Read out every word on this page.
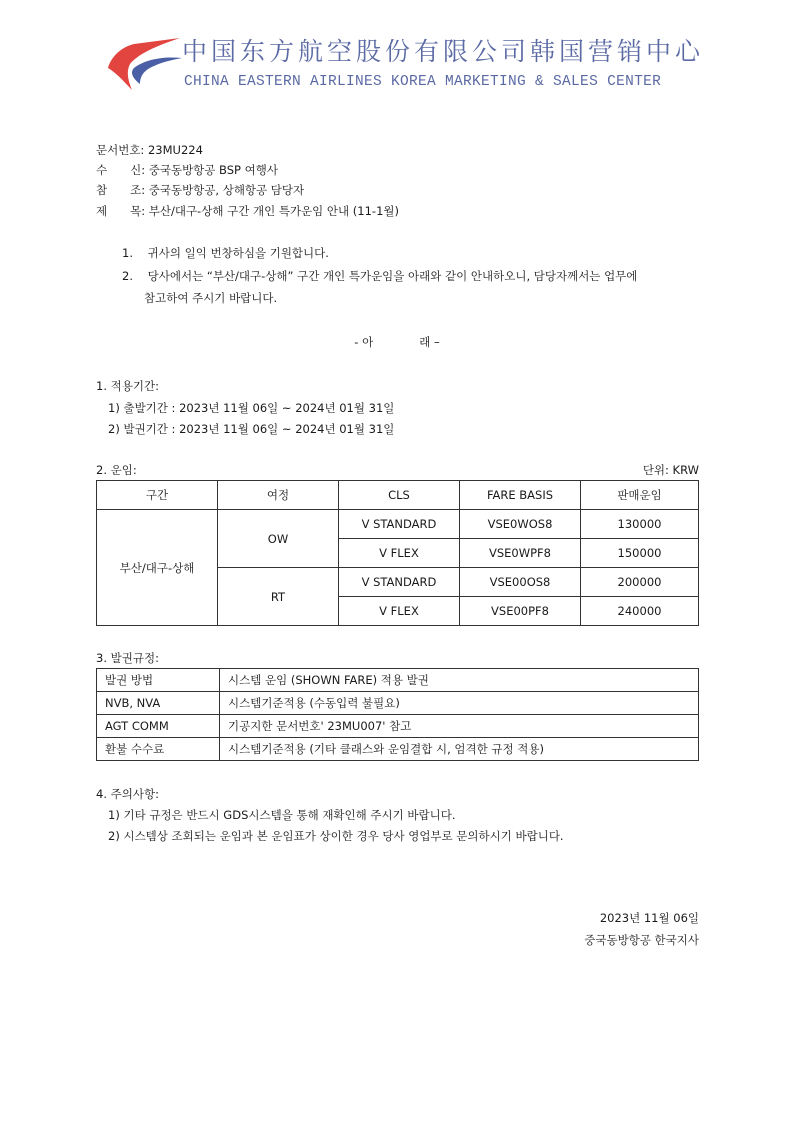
中国东方航空股份有限公司韩国营销中心
CHINA EASTERN AIRLINES KOREA MARKETING & SALES CENTER
문서번호: 23MU224
수　　신: 중국동방항공 BSP 여행사
참　　조: 중국동방항공, 상해항공 담당자
제　　목: 부산/대구-상해 구간 개인 특가운임 안내 (11-1월)
1. 귀사의 일익 번창하심을 기원합니다.
2. 당사에서는 “부산/대구-상해” 구간 개인 특가운임을 아래와 같이 안내하오니, 담당자께서는 업무에
참고하여 주시기 바랍니다.
- 아　　　　래 –
1. 적용기간:
1) 출발기간 : 2023년 11월 06일 ~ 2024년 01월 31일
2) 발권기간 : 2023년 11월 06일 ~ 2024년 01월 31일
2. 운임:	단위: KRW
구간	여정	CLS	FARE BASIS	판매운임
부산/대구-상해	OW	V STANDARD	VSE0WOS8	130000
		V FLEX	VSE0WPF8	150000
	RT	V STANDARD	VSE00OS8	200000
		V FLEX	VSE00PF8	240000
3. 발권규정:
발권 방법	시스템 운임 (SHOWN FARE) 적용 발권
NVB, NVA	시스템기준적용 (수동입력 불필요)
AGT COMM	기공지한 문서번호' 23MU007' 참고
환불 수수료	시스템기준적용 (기타 클래스와 운임결합 시, 엄격한 규정 적용)
4. 주의사항:
1) 기타 규정은 반드시 GDS시스템을 통해 재확인해 주시기 바랍니다.
2) 시스템상 조회되는 운임과 본 운임표가 상이한 경우 당사 영업부로 문의하시기 바랍니다.
2023년 11월 06일
중국동방항공 한국지사
